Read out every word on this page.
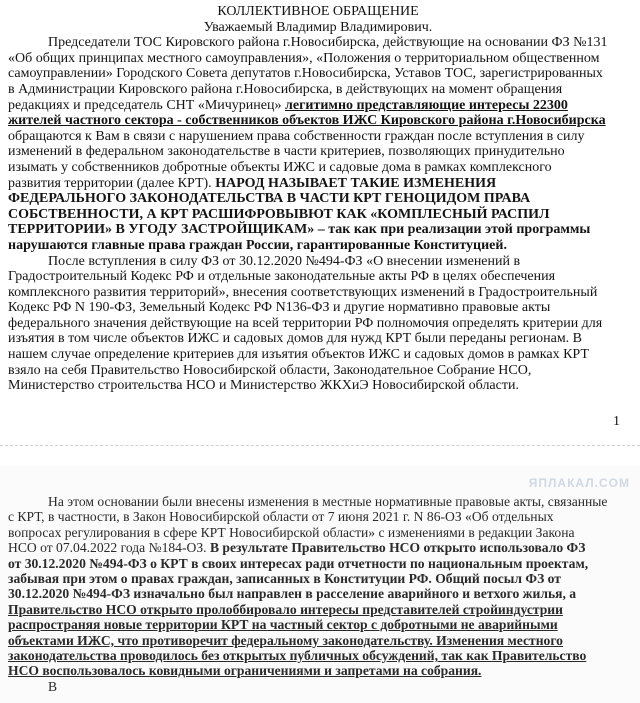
КОЛЛЕКТИВНОЕ ОБРАЩЕНИЕ

Уважаемый Владимир Владимирович.

Председатели ТОС Кировского района г.Новосибирска, действующие на основании ФЗ №131

«Об общих принципах местного самоуправления», «Положения о территориальном общественном

самоуправлении» Городского Совета депутатов г.Новосибирска, Уставов ТОС, зарегистрированных

в Администрации Кировского района г.Новосибирска, в действующих на момент обращения

редакциях и председатель СНТ «Мичуринец» легитимно представляющие интересы 22300

жителей частного сектора - собственников объектов ИЖС Кировского района г.Новосибирска

обращаются к Вам в связи с нарушением права собственности граждан после вступления в силу

изменений в федеральном законодательстве в части критериев, позволяющих принудительно

изымать у собственников добротные объекты ИЖС и садовые дома в рамках комплексного

развития территории (далее КРТ). НАРОД НАЗЫВАЕТ ТАКИЕ ИЗМЕНЕНИЯ

ФЕДЕРАЛЬНОГО ЗАКОНОДАТЕЛЬСТВА В ЧАСТИ КРТ ГЕНОЦИДОМ ПРАВА

СОБСТВЕННОСТИ, А КРТ РАСШИФРОВЫВЮТ КАК «КОМПЛЕСНЫЙ РАСПИЛ

ТЕРРИТОРИИ» В УГОДУ ЗАСТРОЙЩИКАМ» – так как при реализации этой программы

нарушаются главные права граждан России, гарантированные Конституцией.

После вступления в силу ФЗ от 30.12.2020 №494-ФЗ «О внесении изменений в

Градостроительный Кодекс РФ и отдельные законодательные акты РФ в целях обеспечения

комплексного развития территорий», внесения соответствующих изменений в Градостроительный

Кодекс РФ N 190-ФЗ, Земельный Кодекс РФ N136-ФЗ и другие нормативно правовые акты

федерального значения действующие на всей территории РФ полномочия определять критерии для

изъятия в том числе объектов ИЖС и садовых домов для нужд КРТ были переданы регионам. В

нашем случае определение критериев для изъятия объектов ИЖС и садовых домов в рамках КРТ

взяло на себя Правительство Новосибирской области, Законодательное Собрание НСО,

Министерство строительства НСО и Министерство ЖКХиЭ Новосибирской области.

1
ЯПЛАКАЛ.COM

На этом основании были внесены изменения в местные нормативные правовые акты, связанные

с КРТ, в частности, в Закон Новосибирской области от 7 июня 2021 г. N 86-ОЗ «Об отдельных

вопросах регулирования в сфере КРТ Новосибирской области» с изменениями в редакции Закона

НСО от 07.04.2022 года №184-ОЗ. В результате Правительство НСО открыто использовало ФЗ

от 30.12.2020 №494-ФЗ о КРТ в своих интересах ради отчетности по национальным проектам,

забывая при этом о правах граждан, записанных в Конституции РФ. Общий посыл ФЗ от

30.12.2020 №494-ФЗ изначально был направлен в расселение аварийного и ветхого жилья, а

Правительство НСО открыто пролоббировало интересы представителей стройиндустрии

распространяя новые территории КРТ на частный сектор с добротными не аварийными

объектами ИЖС, что противоречит федеральному законодательству. Изменения местного

законодательства проводилось без открытых публичных обсуждений, так как Правительство

НСО воспользовалось ковидными ограничениями и запретами на собрания.

В
